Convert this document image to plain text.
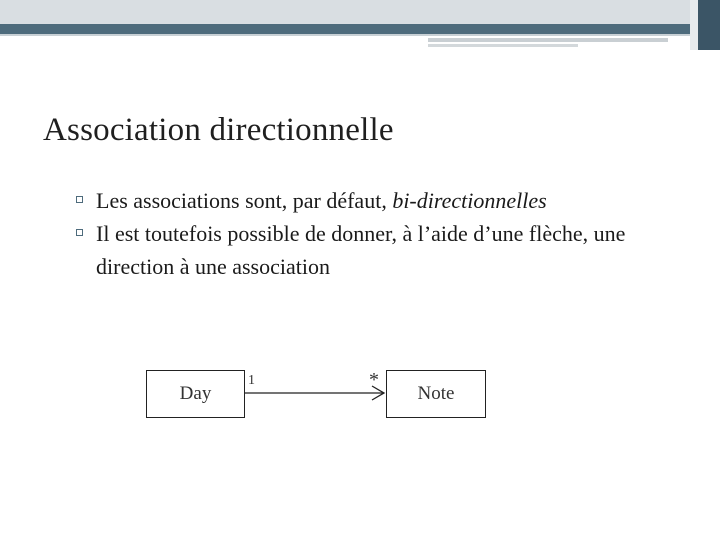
Association directionnelle
Les associations sont, par défaut, bi-directionnelles
Il est toutefois possible de donner, à l’aide d’une flèche, une direction à une association
Day	Note
1	*
